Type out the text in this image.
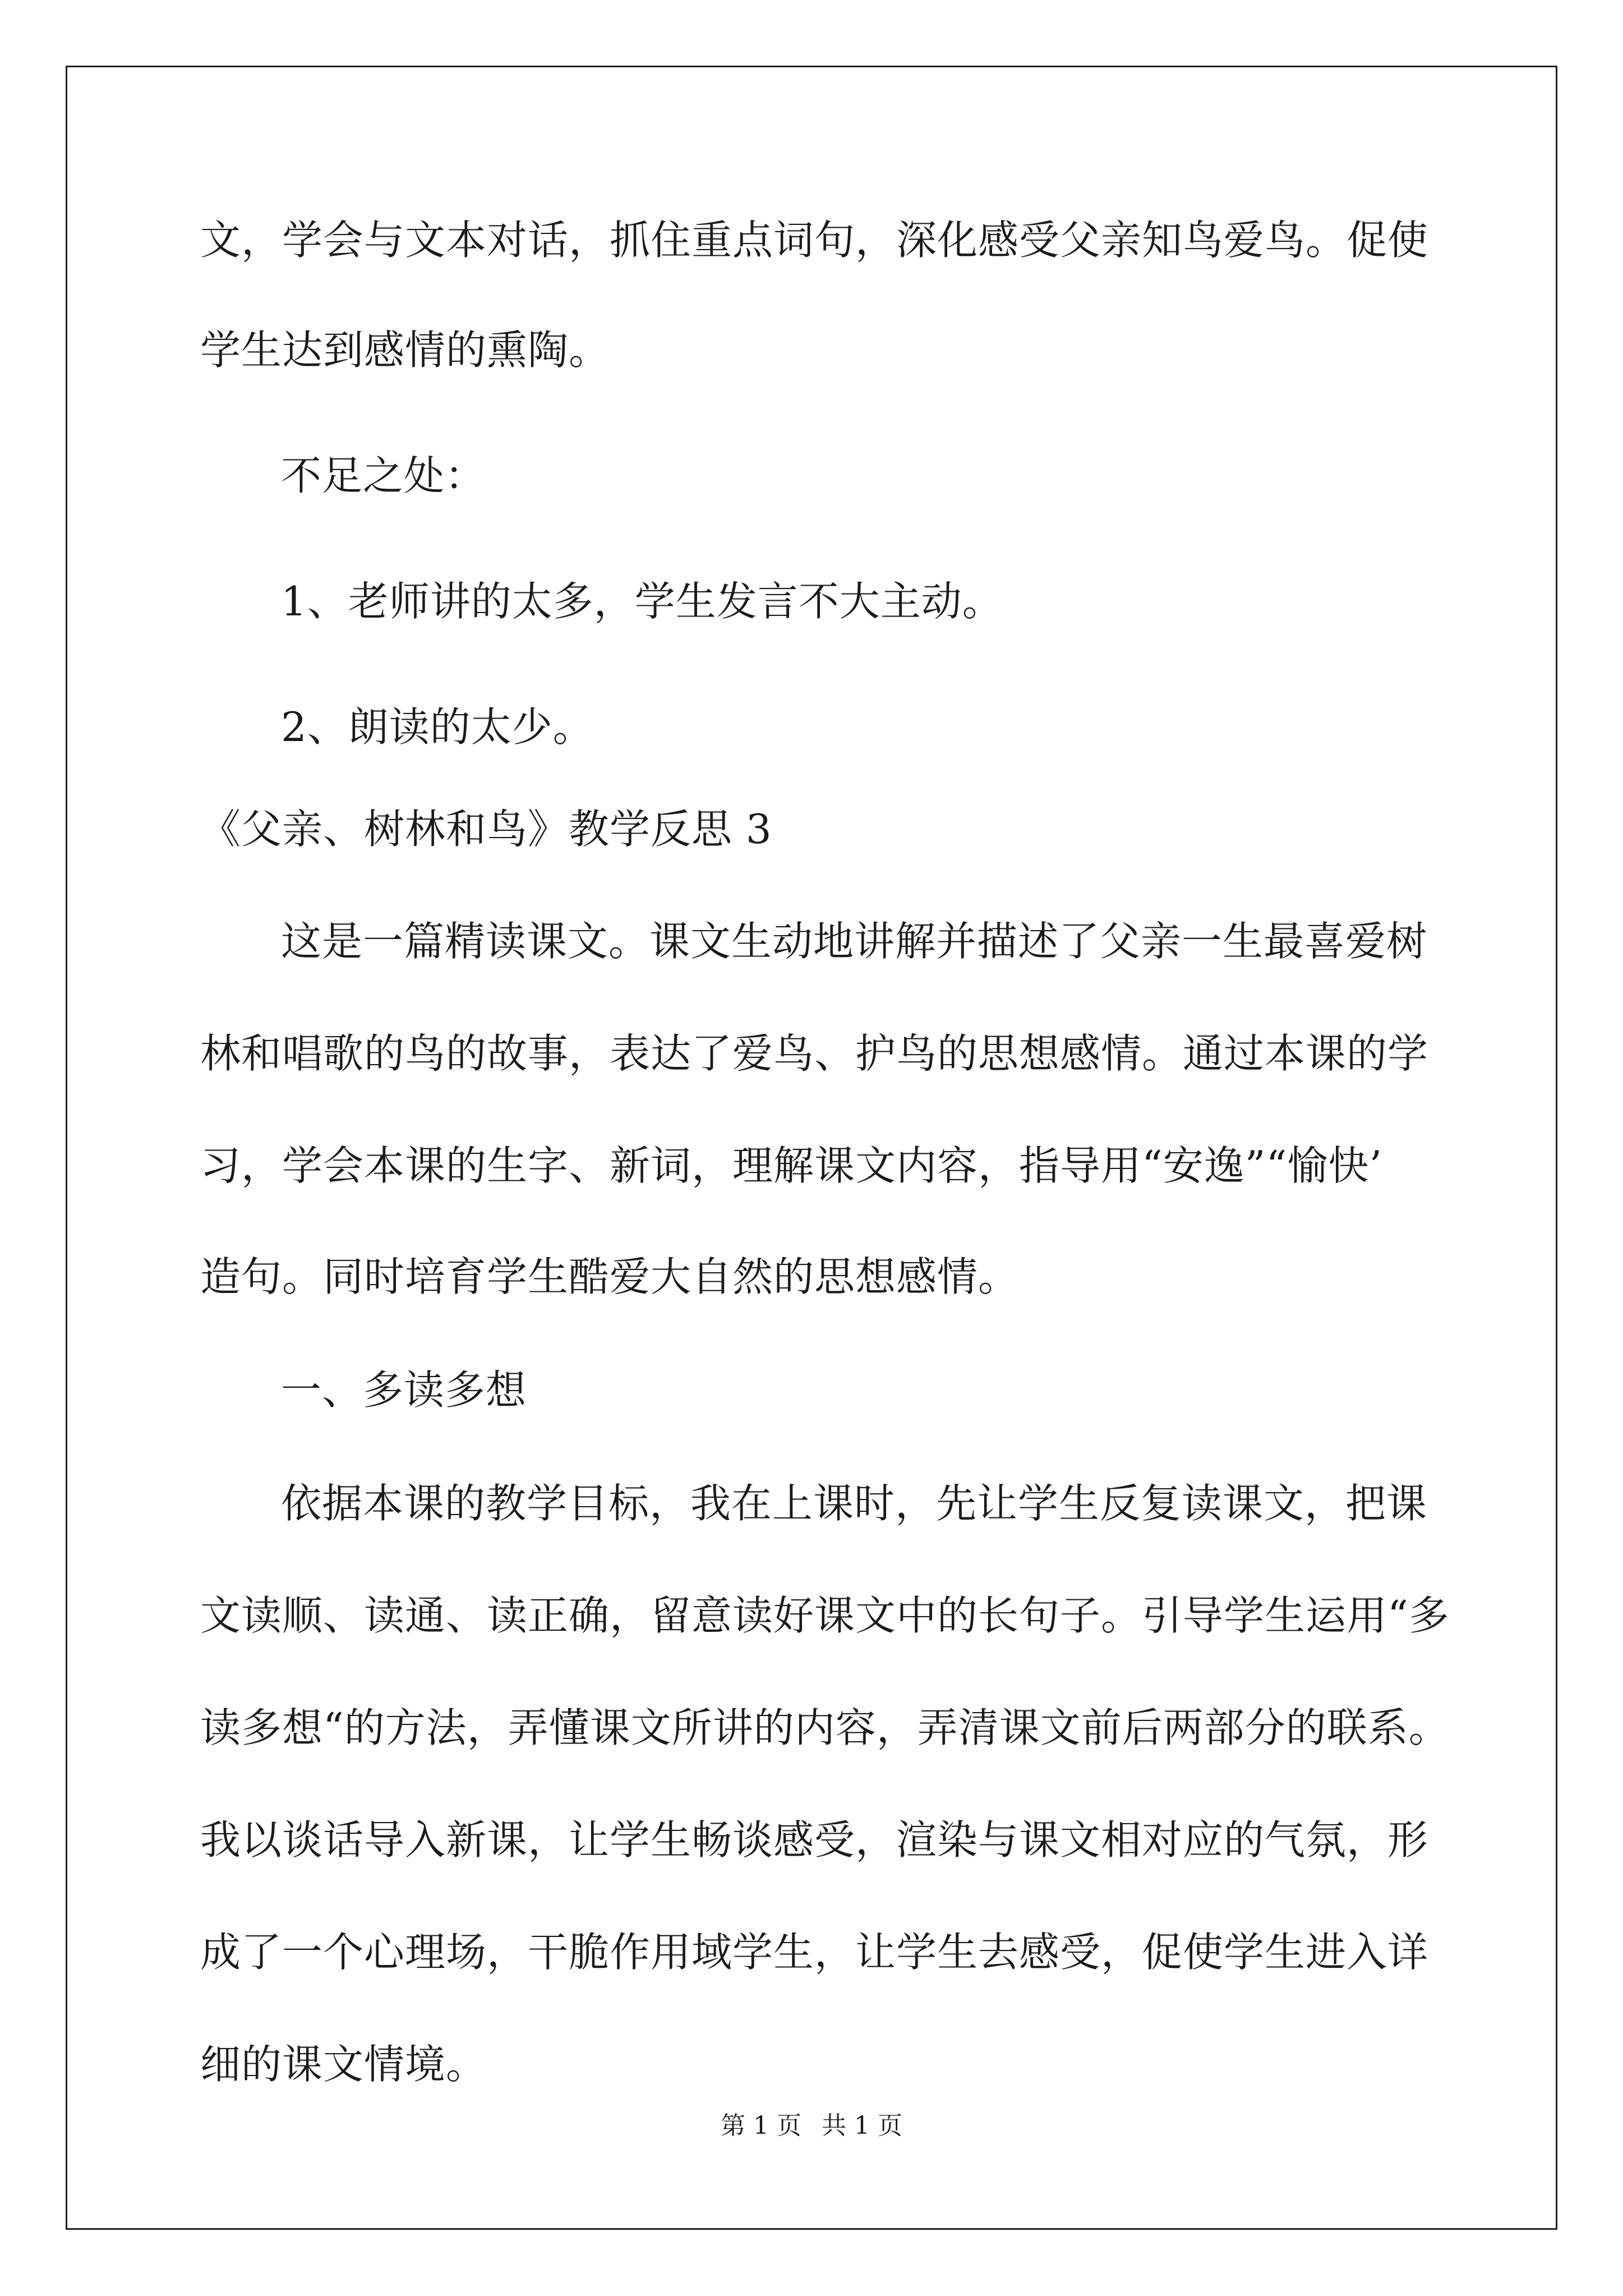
文，学会与文本对话，抓住重点词句，深化感受父亲知鸟爱鸟。促使
学生达到感情的熏陶。
不足之处：
1、老师讲的太多，学生发言不大主动。
2、朗读的太少。
《父亲、树林和鸟》教学反思 3
这是一篇精读课文。课文生动地讲解并描述了父亲一生最喜爱树
林和唱歌的鸟的故事，表达了爱鸟、护鸟的思想感情。通过本课的学
习，学会本课的生字、新词，理解课文内容，指导用“安逸”“愉快’
造句。同时培育学生酷爱大自然的思想感情。
一、多读多想
依据本课的教学目标，我在上课时，先让学生反复读课文，把课
文读顺、读通、读正确，留意读好课文中的长句子。引导学生运用“多
读多想“的方法，弄懂课文所讲的内容，弄清课文前后两部分的联系。
我以谈话导入新课，让学生畅谈感受，渲染与课文相对应的气氛，形
成了一个心理场，干脆作用域学生，让学生去感受，促使学生进入详
细的课文情境。
第 1 页 共 1 页
